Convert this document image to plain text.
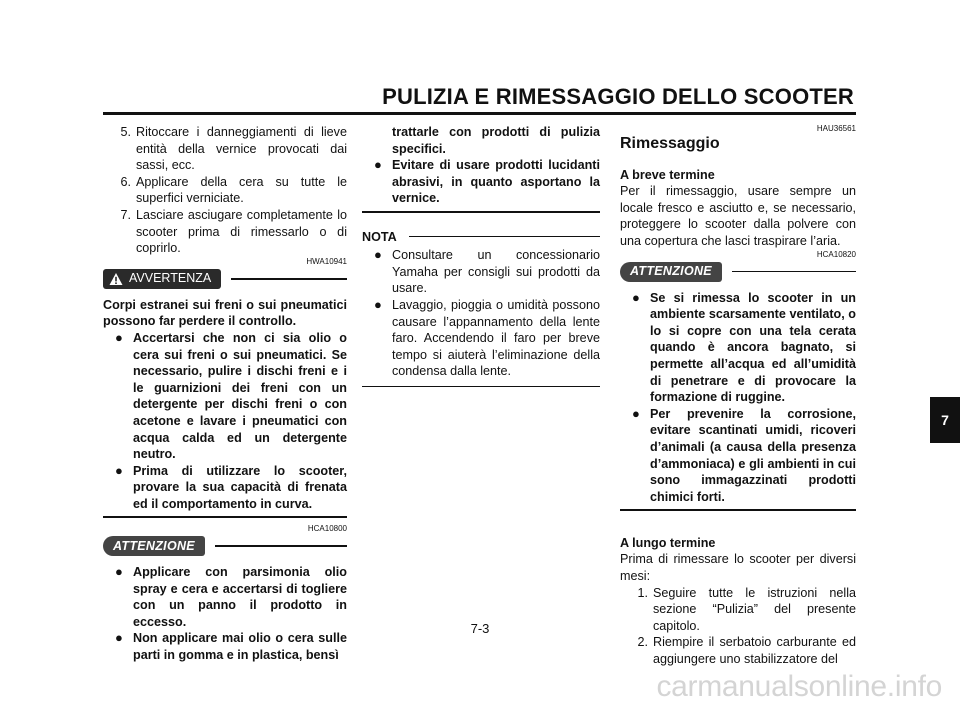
PULIZIA E RIMESSAGGIO DELLO SCOOTER
5. Ritoccare i danneggiamenti di lieve entità della vernice provocati dai sassi, ecc.
6. Applicare della cera su tutte le superfici verniciate.
7. Lasciare asciugare completamente lo scooter prima di rimessarlo o di coprirlo.
HWA10941
AVVERTENZA

Corpi estranei sui freni o sui pneumatici possono far perdere il controllo.

● Accertarsi che non ci sia olio o cera sui freni o sui pneumatici. Se necessario, pulire i dischi freni e i le guarnizioni dei freni con un detergente per dischi freni o con acetone e lavare i pneumatici con acqua calda ed un detergente neutro.
● Prima di utilizzare lo scooter, provare la sua capacità di frenata ed il comportamento in curva.
HCA10800
ATTENZIONE
● Applicare con parsimonia olio spray e cera e accertarsi di togliere con un panno il prodotto in eccesso.
● Non applicare mai olio o cera sulle parti in gomma e in plastica, bensì
trattarle con prodotti di pulizia specifici.
● Evitare di usare prodotti lucidanti abrasivi, in quanto asportano la vernice.
NOTA
● Consultare un concessionario Yamaha per consigli sui prodotti da usare.
● Lavaggio, pioggia o umidità possono causare l’appannamento della lente faro. Accendendo il faro per breve tempo si aiuterà l’eliminazione della condensa dalla lente.
HAU36561
Rimessaggio
A breve termine

Per il rimessaggio, usare sempre un locale fresco e asciutto e, se necessario, proteggere lo scooter dalla polvere con una copertura che lasci traspirare l’aria.

HCA10820
ATTENZIONE
● Se si rimessa lo scooter in un ambiente scarsamente ventilato, o lo si copre con una tela cerata quando è ancora bagnato, si permette all’acqua ed all’umidità di penetrare e di provocare la formazione di ruggine.
● Per prevenire la corrosione, evitare scantinati umidi, ricoveri d’animali (a causa della presenza d’ammoniaca) e gli ambienti in cui sono immagazzinati prodotti chimici forti.
A lungo termine

Prima di rimessare lo scooter per diversi mesi:

1. Seguire tutte le istruzioni nella sezione “Pulizia” del presente capitolo.
2. Riempire il serbatoio carburante ed aggiungere uno stabilizzatore del
7
7-3
carmanualsonline.info
